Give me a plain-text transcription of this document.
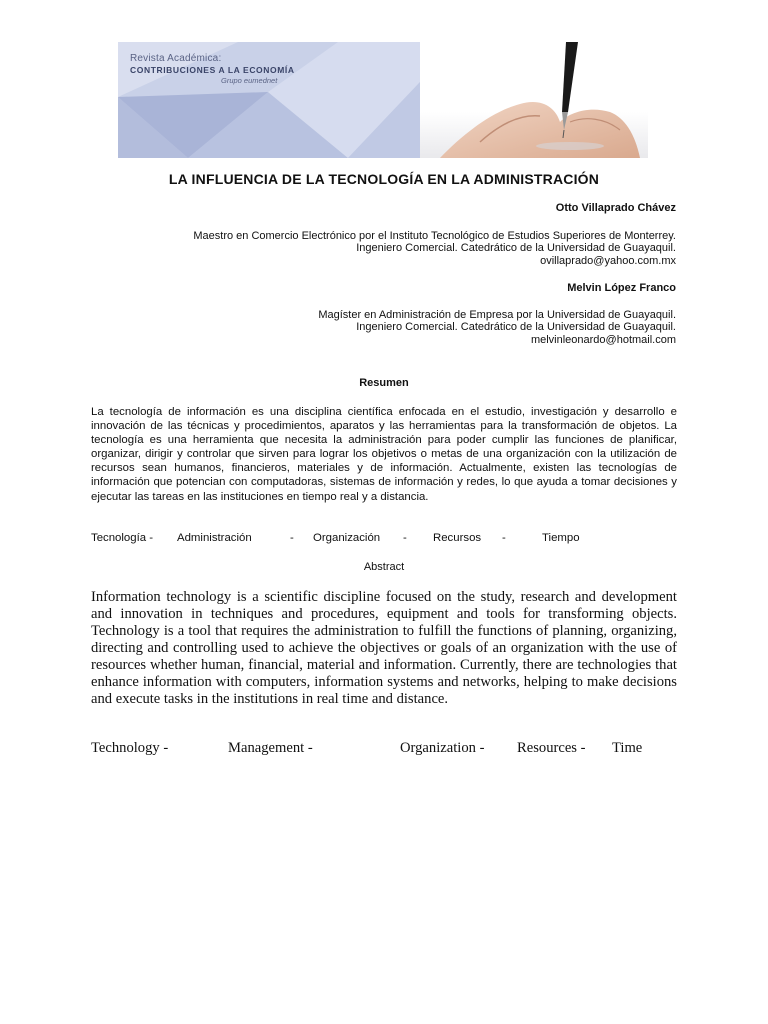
Revista Académica:
CONTRIBUCIONES A LA ECONOMÍA
Grupo eumednet
LA INFLUENCIA DE LA TECNOLOGÍA EN LA ADMINISTRACIÓN
Otto Villaprado Chávez
Maestro en Comercio Electrónico por el Instituto Tecnológico de Estudios Superiores de Monterrey.
Ingeniero Comercial. Catedrático de la Universidad de Guayaquil.
ovillaprado@yahoo.com.mx
Melvin López Franco
Magíster en Administración de Empresa por la Universidad de Guayaquil.
Ingeniero Comercial. Catedrático de la Universidad de Guayaquil.
melvinleonardo@hotmail.com
Resumen
La tecnología de información es una disciplina científica enfocada en el estudio, investigación y desarrollo e innovación de las técnicas y procedimientos, aparatos y las herramientas para la transformación de objetos. La tecnología es una herramienta que necesita la administración para poder cumplir las funciones de planificar, organizar, dirigir y controlar que sirven para lograr los objetivos o metas de una organización con la utilización de recursos sean humanos, financieros, materiales y de información. Actualmente, existen las tecnologías de información que potencian con computadoras, sistemas de información y redes, lo que ayuda a tomar decisiones y ejecutar las tareas en las instituciones en tiempo real y a distancia.
Tecnología - Administración	- Organización - Recursos -	Tiempo
Abstract
Information technology is a scientific discipline focused on the study, research and development and innovation in techniques and procedures, equipment and tools for transforming objects. Technology is a tool that requires the administration to fulfill the functions of planning, organizing, directing and controlling used to achieve the objectives or goals of an organization with the use of resources whether human, financial, material and information. Currently, there are technologies that enhance information with computers, information systems and networks, helping to make decisions and execute tasks in the institutions in real time and distance.
Technology -	Management -	Organization - Resources - Time
